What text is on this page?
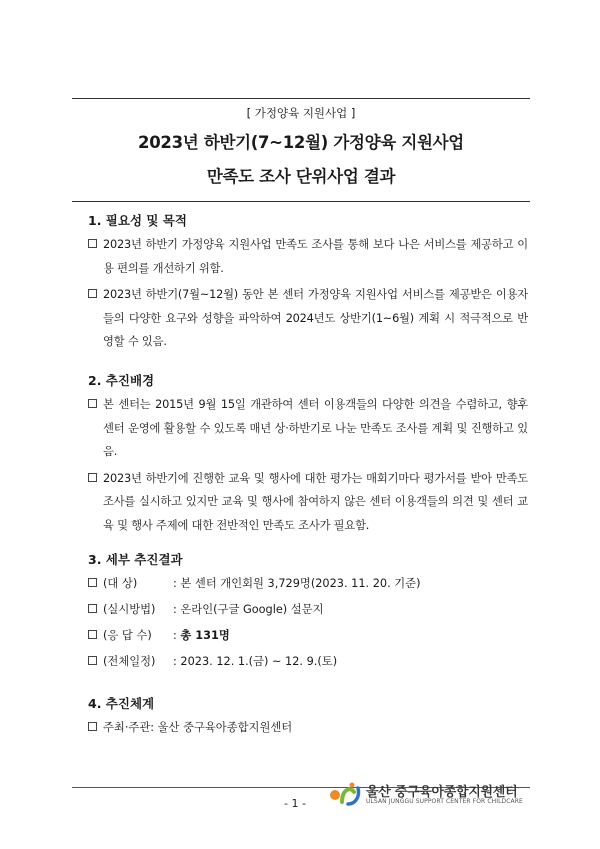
[ 가정양육 지원사업 ]
2023년 하반기(7~12월) 가정양육 지원사업
만족도 조사 단위사업 결과
1. 필요성 및 목적
2023년 하반기 가정양육 지원사업 만족도 조사를 통해 보다 나은 서비스를 제공하고 이용 편의를 개선하기 위함.
2023년 하반기(7월~12월) 동안 본 센터 가정양육 지원사업 서비스를 제공받은 이용자들의 다양한 요구와 성향을 파악하여 2024년도 상반기(1~6월) 계획 시 적극적으로 반영할 수 있음.
2. 추진배경
본 센터는 2015년 9월 15일 개관하여 센터 이용객들의 다양한 의견을 수렴하고, 향후 센터 운영에 활용할 수 있도록 매년 상·하반기로 나눈 만족도 조사를 계획 및 진행하고 있음.
2023년 하반기에 진행한 교육 및 행사에 대한 평가는 매회기마다 평가서를 받아 만족도 조사를 실시하고 있지만 교육 및 행사에 참여하지 않은 센터 이용객들의 의견 및 센터 교육 및 행사 주제에 대한 전반적인 만족도 조사가 필요함.
3. 세부 추진결과
(대 상)	: 본 센터 개인회원 3,729명(2023. 11. 20. 기준)
(실시방법) : 온라인(구글 Google) 설문지
(응 답 수) : 총 131명
(전체일정) : 2023. 12. 1.(금) ~ 12. 9.(토)
4. 추진체계
주최·주관: 울산 중구육아종합지원센터
- 1 -
울산 중구육아종합지원센터
ULSAN JUNGGU SUPPORT CENTER FOR CHILDCARE
